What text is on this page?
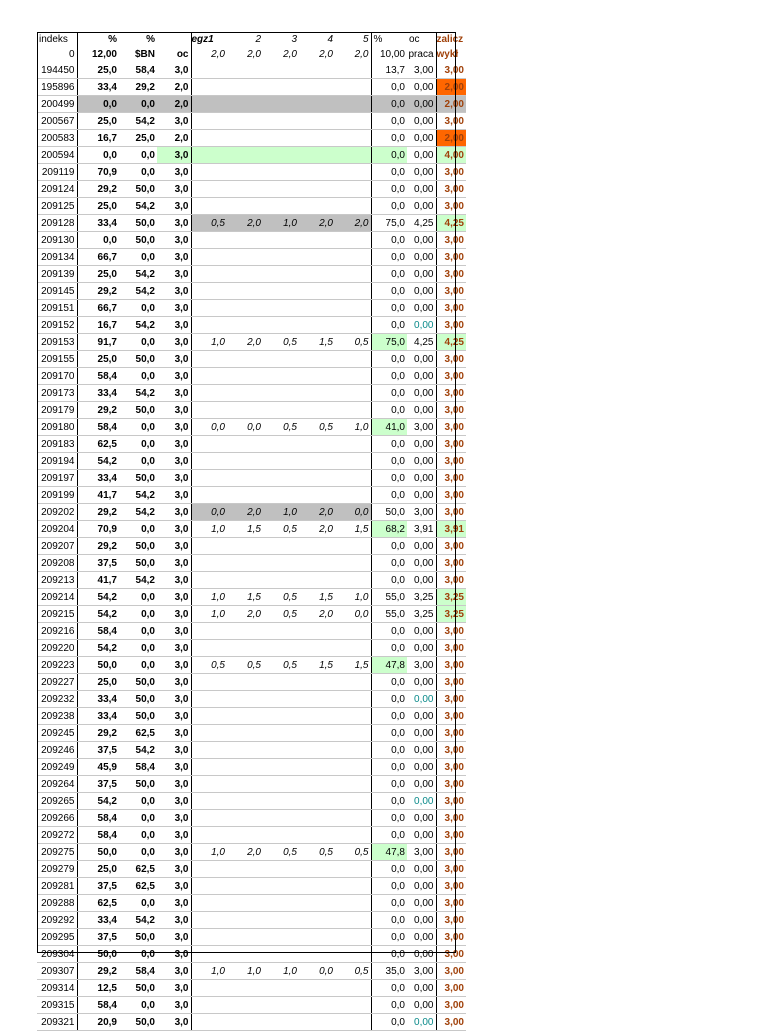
indeks	%	%		egz1	2	3	4	5	%	oc	zalicz
0	12,00	$BN	oc	2,0	2,0	2,0	2,0	2,0	10,00	praca	wykł
194450	25,0	58,4	3,0						13,7	3,00	3,00
195896	33,4	29,2	2,0						0,0	0,00	2,00
200499	0,0	0,0	2,0						0,0	0,00	2,00
200567	25,0	54,2	3,0						0,0	0,00	3,00
200583	16,7	25,0	2,0						0,0	0,00	2,00
200594	0,0	0,0	3,0						0,0	0,00	4,00
209119	70,9	0,0	3,0						0,0	0,00	3,00
209124	29,2	50,0	3,0						0,0	0,00	3,00
209125	25,0	54,2	3,0						0,0	0,00	3,00
209128	33,4	50,0	3,0	0,5	2,0	1,0	2,0	2,0	75,0	4,25	4,25
209130	0,0	50,0	3,0						0,0	0,00	3,00
209134	66,7	0,0	3,0						0,0	0,00	3,00
209139	25,0	54,2	3,0						0,0	0,00	3,00
209145	29,2	54,2	3,0						0,0	0,00	3,00
209151	66,7	0,0	3,0						0,0	0,00	3,00
209152	16,7	54,2	3,0						0,0	0,00	3,00
209153	91,7	0,0	3,0	1,0	2,0	0,5	1,5	0,5	75,0	4,25	4,25
209155	25,0	50,0	3,0						0,0	0,00	3,00
209170	58,4	0,0	3,0						0,0	0,00	3,00
209173	33,4	54,2	3,0						0,0	0,00	3,00
209179	29,2	50,0	3,0						0,0	0,00	3,00
209180	58,4	0,0	3,0	0,0	0,0	0,5	0,5	1,0	41,0	3,00	3,00
209183	62,5	0,0	3,0						0,0	0,00	3,00
209194	54,2	0,0	3,0						0,0	0,00	3,00
209197	33,4	50,0	3,0						0,0	0,00	3,00
209199	41,7	54,2	3,0						0,0	0,00	3,00
209202	29,2	54,2	3,0	0,0	2,0	1,0	2,0	0,0	50,0	3,00	3,00
209204	70,9	0,0	3,0	1,0	1,5	0,5	2,0	1,5	68,2	3,91	3,91
209207	29,2	50,0	3,0						0,0	0,00	3,00
209208	37,5	50,0	3,0						0,0	0,00	3,00
209213	41,7	54,2	3,0						0,0	0,00	3,00
209214	54,2	0,0	3,0	1,0	1,5	0,5	1,5	1,0	55,0	3,25	3,25
209215	54,2	0,0	3,0	1,0	2,0	0,5	2,0	0,0	55,0	3,25	3,25
209216	58,4	0,0	3,0						0,0	0,00	3,00
209220	54,2	0,0	3,0						0,0	0,00	3,00
209223	50,0	0,0	3,0	0,5	0,5	0,5	1,5	1,5	47,8	3,00	3,00
209227	25,0	50,0	3,0						0,0	0,00	3,00
209232	33,4	50,0	3,0						0,0	0,00	3,00
209238	33,4	50,0	3,0						0,0	0,00	3,00
209245	29,2	62,5	3,0						0,0	0,00	3,00
209246	37,5	54,2	3,0						0,0	0,00	3,00
209249	45,9	58,4	3,0						0,0	0,00	3,00
209264	37,5	50,0	3,0						0,0	0,00	3,00
209265	54,2	0,0	3,0						0,0	0,00	3,00
209266	58,4	0,0	3,0						0,0	0,00	3,00
209272	58,4	0,0	3,0						0,0	0,00	3,00
209275	50,0	0,0	3,0	1,0	2,0	0,5	0,5	0,5	47,8	3,00	3,00
209279	25,0	62,5	3,0						0,0	0,00	3,00
209281	37,5	62,5	3,0						0,0	0,00	3,00
209288	62,5	0,0	3,0						0,0	0,00	3,00
209292	33,4	54,2	3,0						0,0	0,00	3,00
209295	37,5	50,0	3,0						0,0	0,00	3,00
209304	50,0	0,0	3,0						0,0	0,00	3,00
209307	29,2	58,4	3,0	1,0	1,0	1,0	0,0	0,5	35,0	3,00	3,00
209314	12,5	50,0	3,0						0,0	0,00	3,00
209315	58,4	0,0	3,0						0,0	0,00	3,00
209321	20,9	50,0	3,0						0,0	0,00	3,00
